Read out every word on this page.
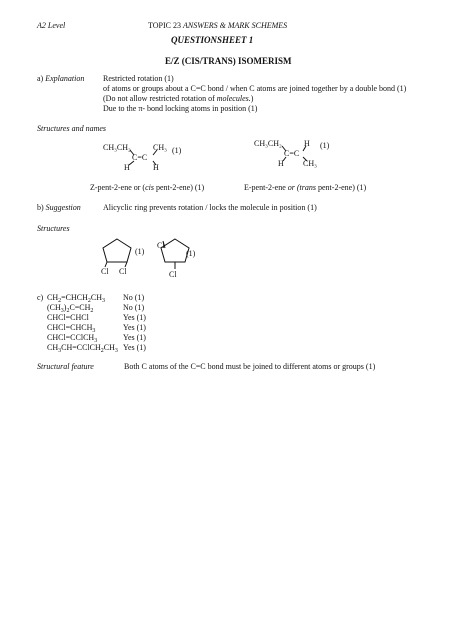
A2 Level	TOPIC 23 ANSWERS & MARK SCHEMES
QUESTIONSHEET 1
E/Z (CIS/TRANS) ISOMERISM
a) Explanation Restricted rotation (1)
of atoms or groups about a C=C bond / when C atoms are joined together by a double bond (1)
(Do not allow restricted rotation of molecules.)
Due to the π- bond locking atoms in position (1)
Structures and names
CH₃CH₂	CH₃
C=C
H	H
(1)
CH₃CH₂	H
C=C
H CH₃
(1)
Z-pent-2-ene or (cis pent-2-ene) (1)	E-pent-2-ene or (trans pent-2-ene) (1)
b) Suggestion	Alicyclic ring prevents rotation / locks the molecule in position (1)
Structures
Cl Cl
(1)
Cl
Cl
(1)
c) $CH_2=CHCH_2CH_3$ No (1)
$(CH_3)_2C=CH_2$	No (1)
CHCl=CHCl	Yes (1)
$CHCl=CHCH_3$	Yes (1)
CHCl=CClCH$_3$	Yes (1)
$CH_3CH=CClCH_2CH_3$ Yes (1)
Structural feature	Both C atoms of the C=C bond must be joined to different atoms or groups (1)
